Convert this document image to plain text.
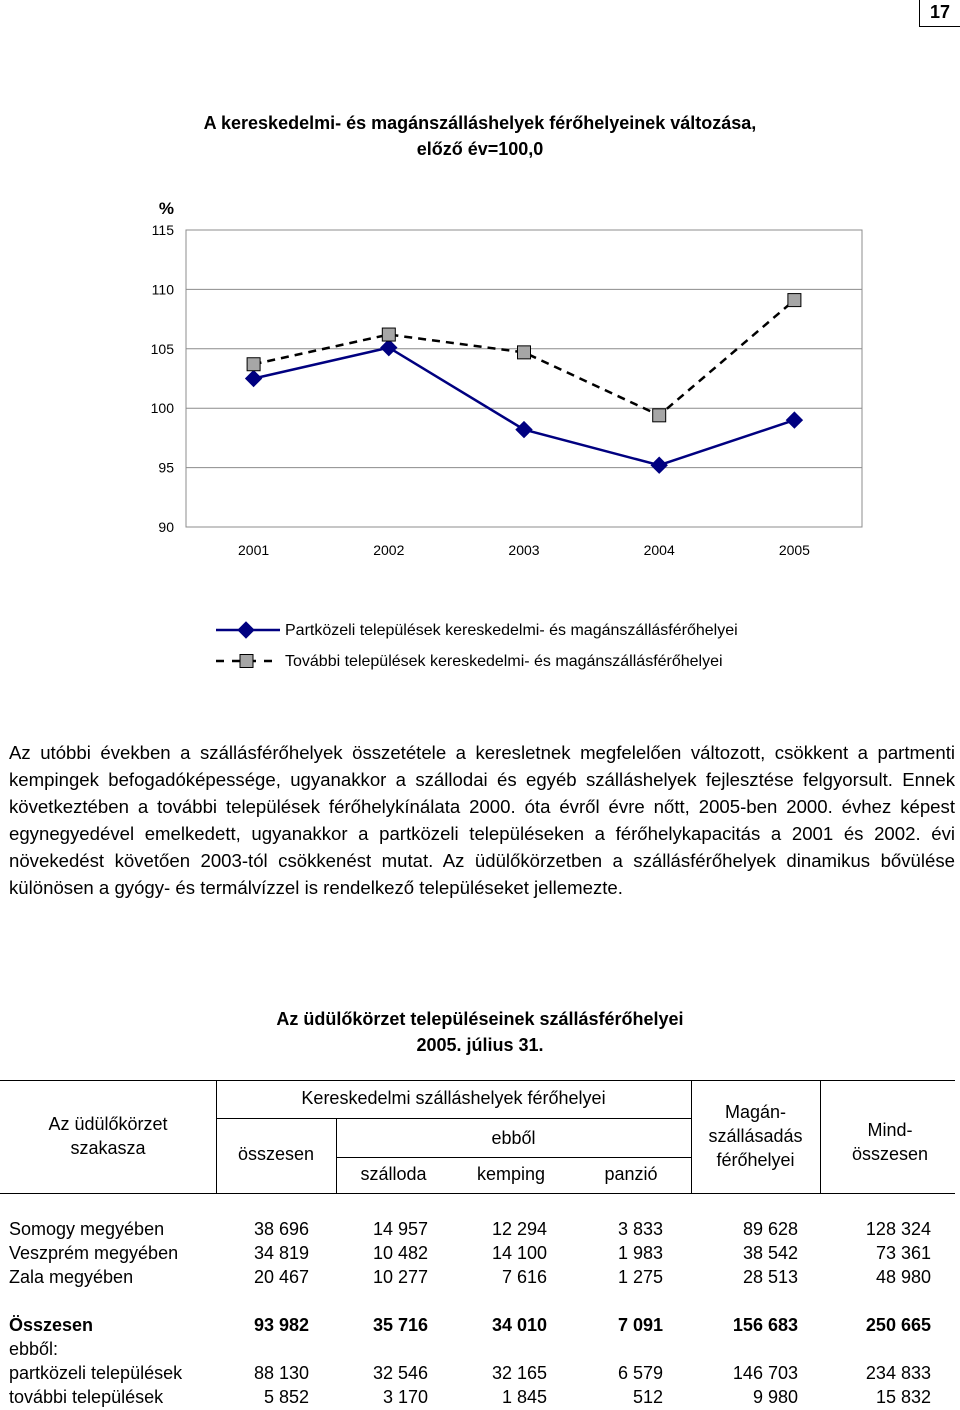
17
A kereskedelmi- és magánszálláshelyek férőhelyeinek változása,
előző év=100,0
115
110
105
100
95
90
%
2001	2002	2003	2004	2005
Partközeli települések kereskedelmi- és magánszállásférőhelyei
További települések kereskedelmi- és magánszállásférőhelyei

Az utóbbi években a szállásférőhelyek összetétele a keresletnek megfelelően változott, csökkent a partmenti kempingek befogadóképessége, ugyanakkor a szállodai és egyéb szálláshelyek fejlesztése felgyorsult. Ennek következtében a további települések férőhelykínálata 2000. óta évről évre nőtt, 2005-ben 2000. évhez képest egynegyedével emelkedett, ugyanakkor a partközeli településeken a férőhelykapacitás a 2001 és 2002. évi növekedést követően 2003-tól csökkenést mutat. Az üdülőkörzetben a szállásférőhelyek dinamikus bővülése különösen a gyógy- és termálvízzel is rendelkező településeket jellemezte.

Az üdülőkörzet településeinek szállásférőhelyei
2005. július 31.
Az üdülőkörzet
szakasza
Kereskedelmi szálláshelyek férőhelyei
összesen
ebből
szálloda	kemping	panzió
Magán-
szállásadás
férőhelyei
Mind-
összesen
Somogy megyében	38 696	14 957	12 294	3 833	89 628	128 324
Veszprém megyében	34 819	10 482	14 100	1 983	38 542	73 361
Zala megyében	20 467	10 277	7 616	1 275	28 513	48 980
Összesen	93 982	35 716	34 010	7 091	156 683	250 665
ebből:
partközeli települések	88 130	32 546	32 165	6 579	146 703	234 833
további települések	5 852	3 170	1 845	512	9 980	15 832
